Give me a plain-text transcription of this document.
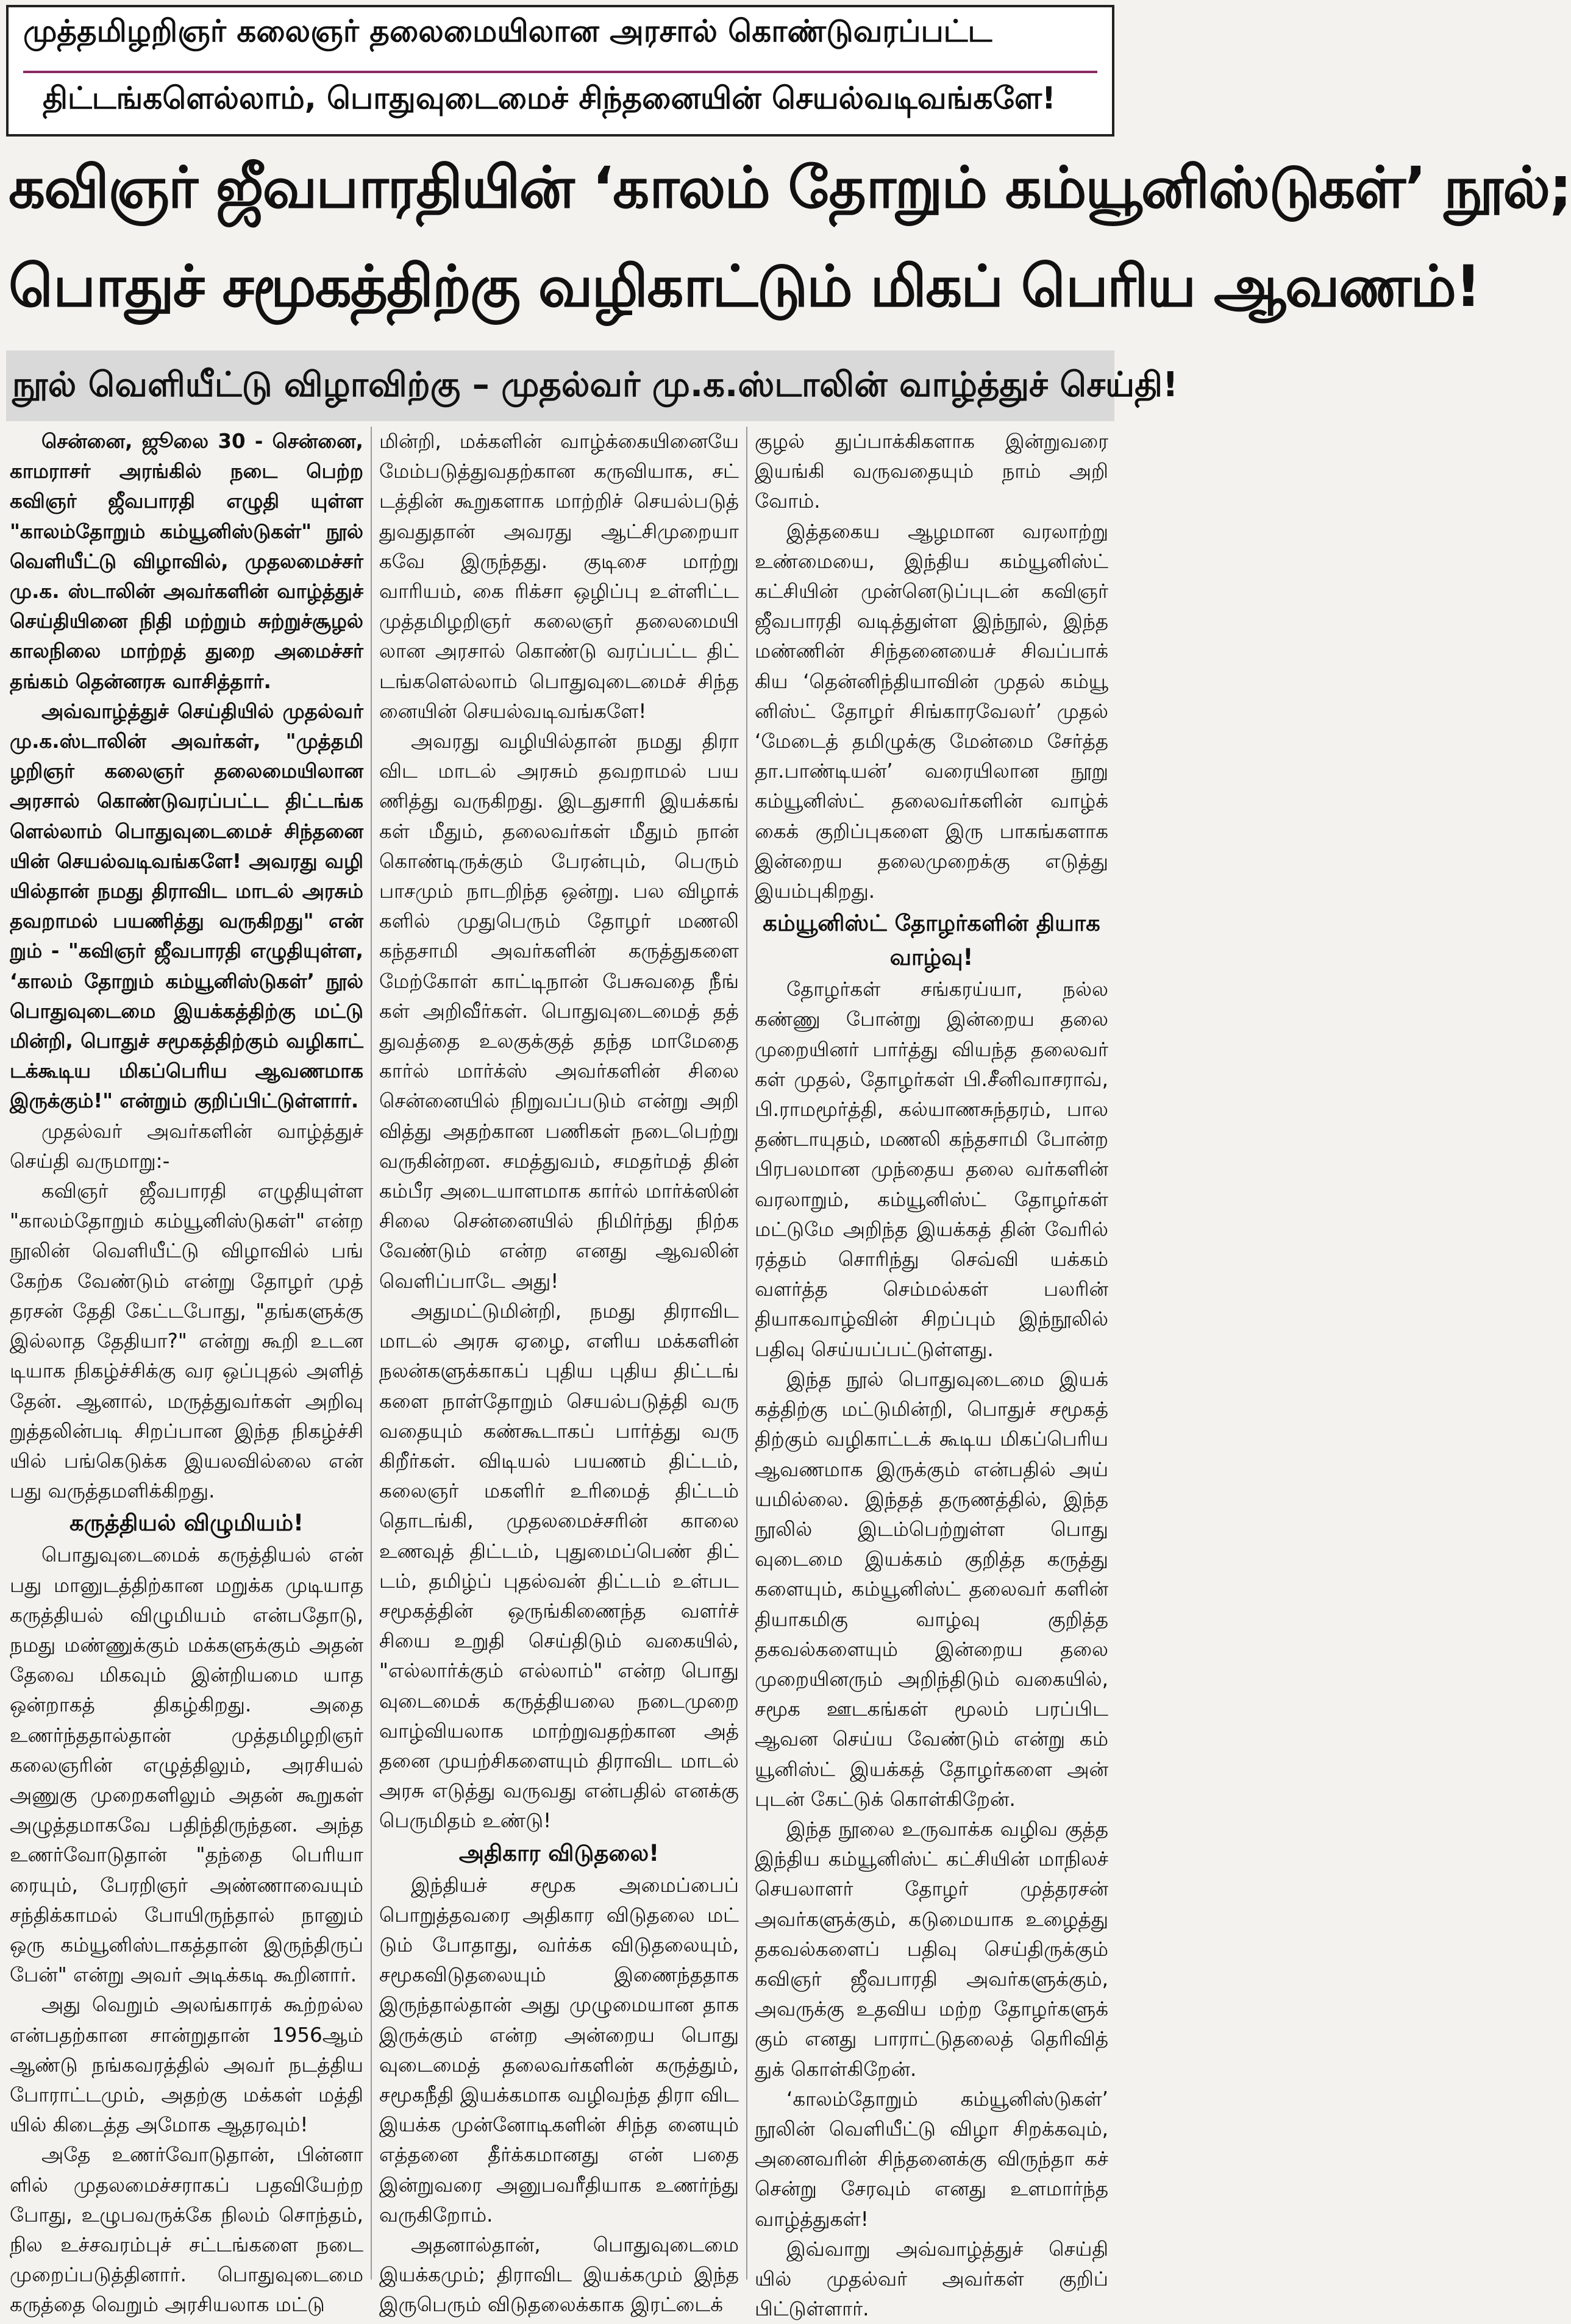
முத்தமிழறிஞர் கலைஞர் தலைமையிலான அரசால் கொண்டுவரப்பட்ட
திட்டங்களெல்லாம், பொதுவுடைமைச் சிந்தனையின் செயல்வடிவங்களே!
கவிஞர் ஜீவபாரதியின் ‘காலம் தோறும் கம்யூனிஸ்டுகள்’ நூல்;
பொதுச் சமூகத்திற்கு வழிகாட்டும் மிகப் பெரிய ஆவணம்!
நூல் வெளியீட்டு விழாவிற்கு – முதல்வர் மு.க.ஸ்டாலின் வாழ்த்துச் செய்தி!

சென்னை, ஜூலை 30 - சென்னை, காமராசர் அரங்கில் நடை பெற்ற கவிஞர் ஜீவபாரதி எழுதி யுள்ள "காலம்தோறும் கம்யூனிஸ்டுகள்" நூல் வெளியீட்டு விழாவில், முதலமைச்சர் மு.க. ஸ்டாலின் அவர்களின் வாழ்த்துச் செய்தியினை நிதி மற்றும் சுற்றுச்சூழல் காலநிலை மாற்றத் துறை அமைச்சர் தங்கம் தென்னரசு வாசித்தார்.

அவ்வாழ்த்துச் செய்தியில் முதல்வர் மு.க.ஸ்டாலின் அவர்கள், "முத்தமி ழறிஞர் கலைஞர் தலைமையிலான அரசால் கொண்டுவரப்பட்ட திட்டங்க ளெல்லாம் பொதுவுடைமைச் சிந்தனை யின் செயல்வடிவங்களே! அவரது வழி யில்தான் நமது திராவிட மாடல் அரசும் தவறாமல் பயணித்து வருகிறது" என் றும் - "கவிஞர் ஜீவபாரதி எழுதியுள்ள, ‘காலம் தோறும் கம்யூனிஸ்டுகள்’ நூல் பொதுவுடைமை இயக்கத்திற்கு மட்டு மின்றி, பொதுச் சமூகத்திற்கும் வழிகாட் டக்கூடிய மிகப்பெரிய ஆவணமாக இருக்கும்!" என்றும் குறிப்பிட்டுள்ளார்.

முதல்வர் அவர்களின் வாழ்த்துச் செய்தி வருமாறு:-

கவிஞர் ஜீவபாரதி எழுதியுள்ள "காலம்தோறும் கம்யூனிஸ்டுகள்" என்ற நூலின் வெளியீட்டு விழாவில் பங் கேற்க வேண்டும் என்று தோழர் முத் தரசன் தேதி கேட்டபோது, "தங்களுக்கு இல்லாத தேதியா?" என்று கூறி உடன டியாக நிகழ்ச்சிக்கு வர ஒப்புதல் அளித் தேன். ஆனால், மருத்துவர்கள் அறிவு றுத்தலின்படி சிறப்பான இந்த நிகழ்ச்சி யில் பங்கெடுக்க இயலவில்லை என் பது வருத்தமளிக்கிறது.

கருத்தியல் விழுமியம்!

பொதுவுடைமைக் கருத்தியல் என் பது மானுடத்திற்கான மறுக்க முடியாத கருத்தியல் விழுமியம் என்பதோடு, நமது மண்ணுக்கும் மக்களுக்கும் அதன் தேவை மிகவும் இன்றியமை யாத ஒன்றாகத் திகழ்கிறது. அதை உணர்ந்ததால்தான் முத்தமிழறிஞர் கலைஞரின் எழுத்திலும், அரசியல் அணுகு முறைகளிலும் அதன் கூறுகள் அழுத்தமாகவே பதிந்திருந்தன. அந்த உணர்வோடுதான் "தந்தை பெரியா ரையும், பேரறிஞர் அண்ணாவையும் சந்திக்காமல் போயிருந்தால் நானும் ஒரு கம்யூனிஸ்டாகத்தான் இருந்திருப் பேன்" என்று அவர் அடிக்கடி கூறினார்.

அது வெறும் அலங்காரக் கூற்றல்ல என்பதற்கான சான்றுதான் 1956ஆம் ஆண்டு நங்கவரத்தில் அவர் நடத்திய போராட்டமும், அதற்கு மக்கள் மத்தி யில் கிடைத்த அமோக ஆதரவும்!

அதே உணர்வோடுதான், பின்னா ளில் முதலமைச்சராகப் பதவியேற்ற போது, உழுபவருக்கே நிலம் சொந்தம், நில உச்சவரம்புச் சட்டங்களை நடை முறைப்படுத்தினார். பொதுவுடைமை கருத்தை வெறும் அரசியலாக மட்டு

மின்றி, மக்களின் வாழ்க்கையினையே மேம்படுத்துவதற்கான கருவியாக, சட் டத்தின் கூறுகளாக மாற்றிச் செயல்படுத் துவதுதான் அவரது ஆட்சிமுறையா கவே இருந்தது. குடிசை மாற்று வாரியம், கை ரிக்சா ஒழிப்பு உள்ளிட்ட முத்தமிழறிஞர் கலைஞர் தலைமையி லான அரசால் கொண்டு வரப்பட்ட திட் டங்களெல்லாம் பொதுவுடைமைச் சிந்த னையின் செயல்வடிவங்களே!

அவரது வழியில்தான் நமது திரா விட மாடல் அரசும் தவறாமல் பய ணித்து வருகிறது. இடதுசாரி இயக்கங் கள் மீதும், தலைவர்கள் மீதும் நான் கொண்டிருக்கும் பேரன்பும், பெரும் பாசமும் நாடறிந்த ஒன்று. பல விழாக் களில் முதுபெரும் தோழர் மணலி கந்தசாமி அவர்களின் கருத்துகளை மேற்கோள் காட்டிநான் பேசுவதை நீங் கள் அறிவீர்கள். பொதுவுடைமைத் தத் துவத்தை உலகுக்குத் தந்த மாமேதை கார்ல் மார்க்ஸ் அவர்களின் சிலை சென்னையில் நிறுவப்படும் என்று அறி வித்து அதற்கான பணிகள் நடைபெற்று வருகின்றன. சமத்துவம், சமதர்மத் தின் கம்பீர அடையாளமாக கார்ல் மார்க்ஸின் சிலை சென்னையில் நிமிர்ந்து நிற்க வேண்டும் என்ற எனது ஆவலின் வெளிப்பாடே அது!

அதுமட்டுமின்றி, நமது திராவிட மாடல் அரசு ஏழை, எளிய மக்களின் நலன்களுக்காகப் புதிய புதிய திட்டங் களை நாள்தோறும் செயல்படுத்தி வரு வதையும் கண்கூடாகப் பார்த்து வரு கிறீர்கள். விடியல் பயணம் திட்டம், கலைஞர் மகளிர் உரிமைத் திட்டம் தொடங்கி, முதலமைச்சரின் காலை உணவுத் திட்டம், புதுமைப்பெண் திட் டம், தமிழ்ப் புதல்வன் திட்டம் உள்பட சமூகத்தின் ஒருங்கிணைந்த வளர்ச் சியை உறுதி செய்திடும் வகையில், "எல்லார்க்கும் எல்லாம்" என்ற பொது வுடைமைக் கருத்தியலை நடைமுறை வாழ்வியலாக மாற்றுவதற்கான அத் தனை முயற்சிகளையும் திராவிட மாடல் அரசு எடுத்து வருவது என்பதில் எனக்கு பெருமிதம் உண்டு!

அதிகார விடுதலை!

இந்தியச் சமூக அமைப்பைப் பொறுத்தவரை அதிகார விடுதலை மட் டும் போதாது, வர்க்க விடுதலையும், சமூகவிடுதலையும் இணைந்ததாக இருந்தால்தான் அது முழுமையான தாக இருக்கும் என்ற அன்றைய பொது வுடைமைத் தலைவர்களின் கருத்தும், சமூகநீதி இயக்கமாக வழிவந்த திரா விட இயக்க முன்னோடிகளின் சிந்த னையும் எத்தனை தீர்க்கமானது என் பதை இன்றுவரை அனுபவரீதியாக உணர்ந்து வருகிறோம்.

அதனால்தான், பொதுவுடைமை இயக்கமும்; திராவிட இயக்கமும் இந்த இருபெரும் விடுதலைக்காக இரட்டைக்

குழல் துப்பாக்கிகளாக இன்றுவரை இயங்கி வருவதையும் நாம் அறி வோம்.

இத்தகைய ஆழமான வரலாற்று உண்மையை, இந்திய கம்யூனிஸ்ட் கட்சியின் முன்னெடுப்புடன் கவிஞர் ஜீவபாரதி வடித்துள்ள இந்நூல், இந்த மண்ணின் சிந்தனையைச் சிவப்பாக் கிய ‘தென்னிந்தியாவின் முதல் கம்யூ னிஸ்ட் தோழர் சிங்காரவேலர்’ முதல் ‘மேடைத் தமிழுக்கு மேன்மை சேர்த்த தா.பாண்டியன்’ வரையிலான நூறு கம்யூனிஸ்ட் தலைவர்களின் வாழ்க் கைக் குறிப்புகளை இரு பாகங்களாக இன்றைய தலைமுறைக்கு எடுத்து இயம்புகிறது.

கம்யூனிஸ்ட் தோழர்களின் தியாக வாழ்வு!

தோழர்கள் சங்கரய்யா, நல்ல கண்ணு போன்று இன்றைய தலை முறையினர் பார்த்து வியந்த தலைவர் கள் முதல், தோழர்கள் பி.சீனிவாசராவ், பி.ராமமூர்த்தி, கல்யாணசுந்தரம், பால தண்டாயுதம், மணலி கந்தசாமி போன்ற பிரபலமான முந்தைய தலை வர்களின் வரலாறும், கம்யூனிஸ்ட் தோழர்கள் மட்டுமே அறிந்த இயக்கத் தின் வேரில் ரத்தம் சொரிந்து செவ்வி யக்கம் வளர்த்த செம்மல்கள் பலரின் தியாகவாழ்வின் சிறப்பும் இந்நூலில் பதிவு செய்யப்பட்டுள்ளது.

இந்த நூல் பொதுவுடைமை இயக் கத்திற்கு மட்டுமின்றி, பொதுச் சமூகத் திற்கும் வழிகாட்டக் கூடிய மிகப்பெரிய ஆவணமாக இருக்கும் என்பதில் அய் யமில்லை. இந்தத் தருணத்தில், இந்த நூலில் இடம்பெற்றுள்ள பொது வுடைமை இயக்கம் குறித்த கருத்து களையும், கம்யூனிஸ்ட் தலைவர் களின் தியாகமிகு வாழ்வு குறித்த தகவல்களையும் இன்றைய தலை முறையினரும் அறிந்திடும் வகையில், சமூக ஊடகங்கள் மூலம் பரப்பிட ஆவன செய்ய வேண்டும் என்று கம் யூனிஸ்ட் இயக்கத் தோழர்களை அன் புடன் கேட்டுக் கொள்கிறேன்.

இந்த நூலை உருவாக்க வழிவ குத்த இந்திய கம்யூனிஸ்ட் கட்சியின் மாநிலச் செயலாளர் தோழர் முத்தரசன் அவர்களுக்கும், கடுமையாக உழைத்து தகவல்களைப் பதிவு செய்திருக்கும் கவிஞர் ஜீவபாரதி அவர்களுக்கும், அவருக்கு உதவிய மற்ற தோழர்களுக் கும் எனது பாராட்டுதலைத் தெரிவித் துக் கொள்கிறேன்.

‘காலம்தோறும் கம்யூனிஸ்டுகள்’ நூலின் வெளியீட்டு விழா சிறக்கவும், அனைவரின் சிந்தனைக்கு விருந்தா கச் சென்று சேரவும் எனது உளமார்ந்த வாழ்த்துகள்!

இவ்வாறு அவ்வாழ்த்துச் செய்தி யில் முதல்வர் அவர்கள் குறிப் பிட்டுள்ளார்.
